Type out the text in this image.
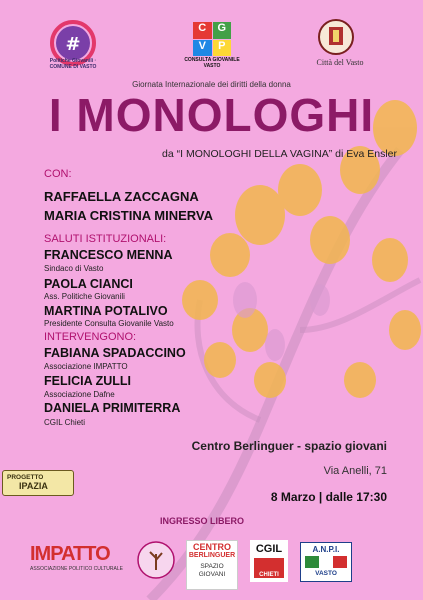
#
Politiche Giovanili · COMUNE DI VASTO
C	G
V	P
CONSULTA GIOVANILE VASTO	Città del Vasto
Giornata Internazionale dei diritti della donna
I MONOLOGHI
da “I MONOLOGHI DELLA VAGINA” di Eva Ensler
CON:
RAFFAELLA ZACCAGNA
MARIA CRISTINA MINERVA
SALUTI ISTITUZIONALI:
FRANCESCO MENNA
Sindaco di Vasto
PAOLA CIANCI
Ass. Politiche Giovanili
MARTINA POTALIVO
Presidente Consulta Giovanile Vasto
INTERVENGONO:
FABIANA SPADACCINO
Associazione IMPATTO
FELICIA ZULLI
Associazione Dafne
DANIELA PRIMITERRA
CGIL Chieti
Centro Berlinguer - spazio giovani
Via Anelli, 71
8 Marzo | dalle 17:30
INGRESSO LIBERO
PROGETTO
IPAZIA
IMPATTO
ASSOCIAZIONE POLITICO CULTURALE
CENTRO
BERLINGUER
SPAZIO
GIOVANI
CGIL
CHIETI
A.N.P.I.
VASTO
